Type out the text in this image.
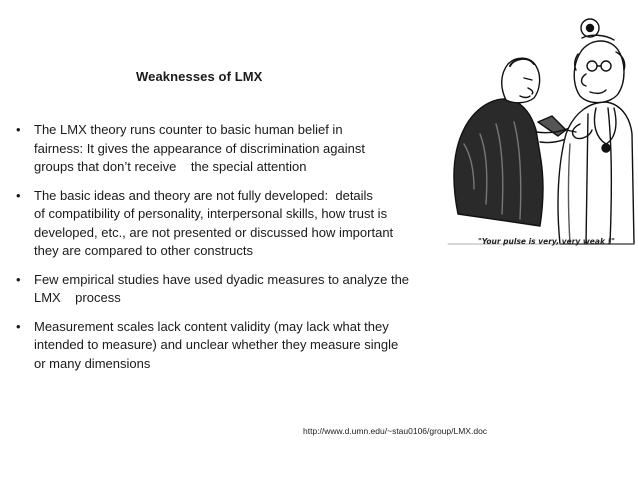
Weaknesses of LMX
• The LMX theory runs counter to basic human belief in
fairness: It gives the appearance of discrimination against
groups that don’t receive    the special attention
• The basic ideas and theory are not fully developed:  details
of compatibility of personality, interpersonal skills, how trust is
developed, etc., are not presented or discussed how important
they are compared to other constructs
• Few empirical studies have used dyadic measures to analyze the
LMX    process
• Measurement scales lack content validity (may lack what they
intended to measure) and unclear whether they measure single
or many dimensions
"Your pulse is very, very weak !"
http://www.d.umn.edu/~stau0106/group/LMX.doc
